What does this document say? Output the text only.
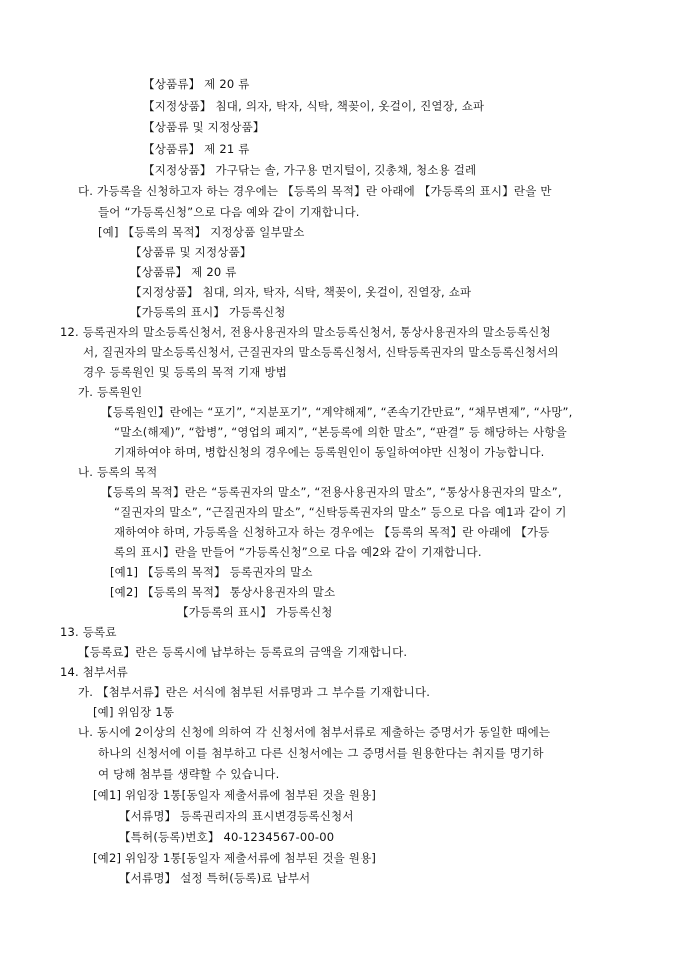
【상품류】 제 20 류
【지정상품】 침대, 의자, 탁자, 식탁, 책꽂이, 옷걸이, 진열장, 쇼파
【상품류 및 지정상품】
【상품류】 제 21 류
【지정상품】 가구닦는 솔, 가구용 먼지털이, 깃총채, 청소용 걸레
다. 가등록을 신청하고자 하는 경우에는 【등록의 목적】란 아래에 【가등록의 표시】란을 만
들어 “가등록신청”으로 다음 예와 같이 기재합니다.
[예] 【등록의 목적】 지정상품 일부말소
【상품류 및 지정상품】
【상품류】 제 20 류
【지정상품】 침대, 의자, 탁자, 식탁, 책꽂이, 옷걸이, 진열장, 쇼파
【가등록의 표시】 가등록신청
12. 등록권자의 말소등록신청서, 전용사용권자의 말소등록신청서, 통상사용권자의 말소등록신청
서, 질권자의 말소등록신청서, 근질권자의 말소등록신청서, 신탁등록권자의 말소등록신청서의
경우 등록원인 및 등록의 목적 기재 방법
가. 등록원인
【등록원인】란에는 “포기”, “지분포기”, “계약해제”, “존속기간만료”, “채무변제”, “사망”,
“말소(해제)”, “합병”, “영업의 폐지”, “본등록에 의한 말소”, “판결” 등 해당하는 사항을
기재하여야 하며, 병합신청의 경우에는 등록원인이 동일하여야만 신청이 가능합니다.
나. 등록의 목적
【등록의 목적】란은 “등록권자의 말소”, “전용사용권자의 말소”, “통상사용권자의 말소”,
“질권자의 말소”, “근질권자의 말소”, “신탁등록권자의 말소” 등으로 다음 예1과 같이 기
재하여야 하며, 가등록을 신청하고자 하는 경우에는 【등록의 목적】란 아래에 【가등
록의 표시】란을 만들어 “가등록신청”으로 다음 예2와 같이 기재합니다.
[예1] 【등록의 목적】 등록권자의 말소
[예2] 【등록의 목적】 통상사용권자의 말소
【가등록의 표시】 가등록신청
13. 등록료
【등록료】란은 등록시에 납부하는 등록료의 금액을 기재합니다.
14. 첨부서류
가. 【첨부서류】란은 서식에 첨부된 서류명과 그 부수를 기재합니다.
[예] 위임장 1통
나. 동시에 2이상의 신청에 의하여 각 신청서에 첨부서류로 제출하는 증명서가 동일한 때에는
하나의 신청서에 이를 첨부하고 다른 신청서에는 그 증명서를 원용한다는 취지를 명기하
여 당해 첨부를 생략할 수 있습니다.
[예1] 위임장 1통[동일자 제출서류에 첨부된 것을 원용]
【서류명】 등록권리자의 표시변경등록신청서
【특허(등록)번호】 40-1234567-00-00
[예2] 위임장 1통[동일자 제출서류에 첨부된 것을 원용]
【서류명】 설정 특허(등록)료 납부서
